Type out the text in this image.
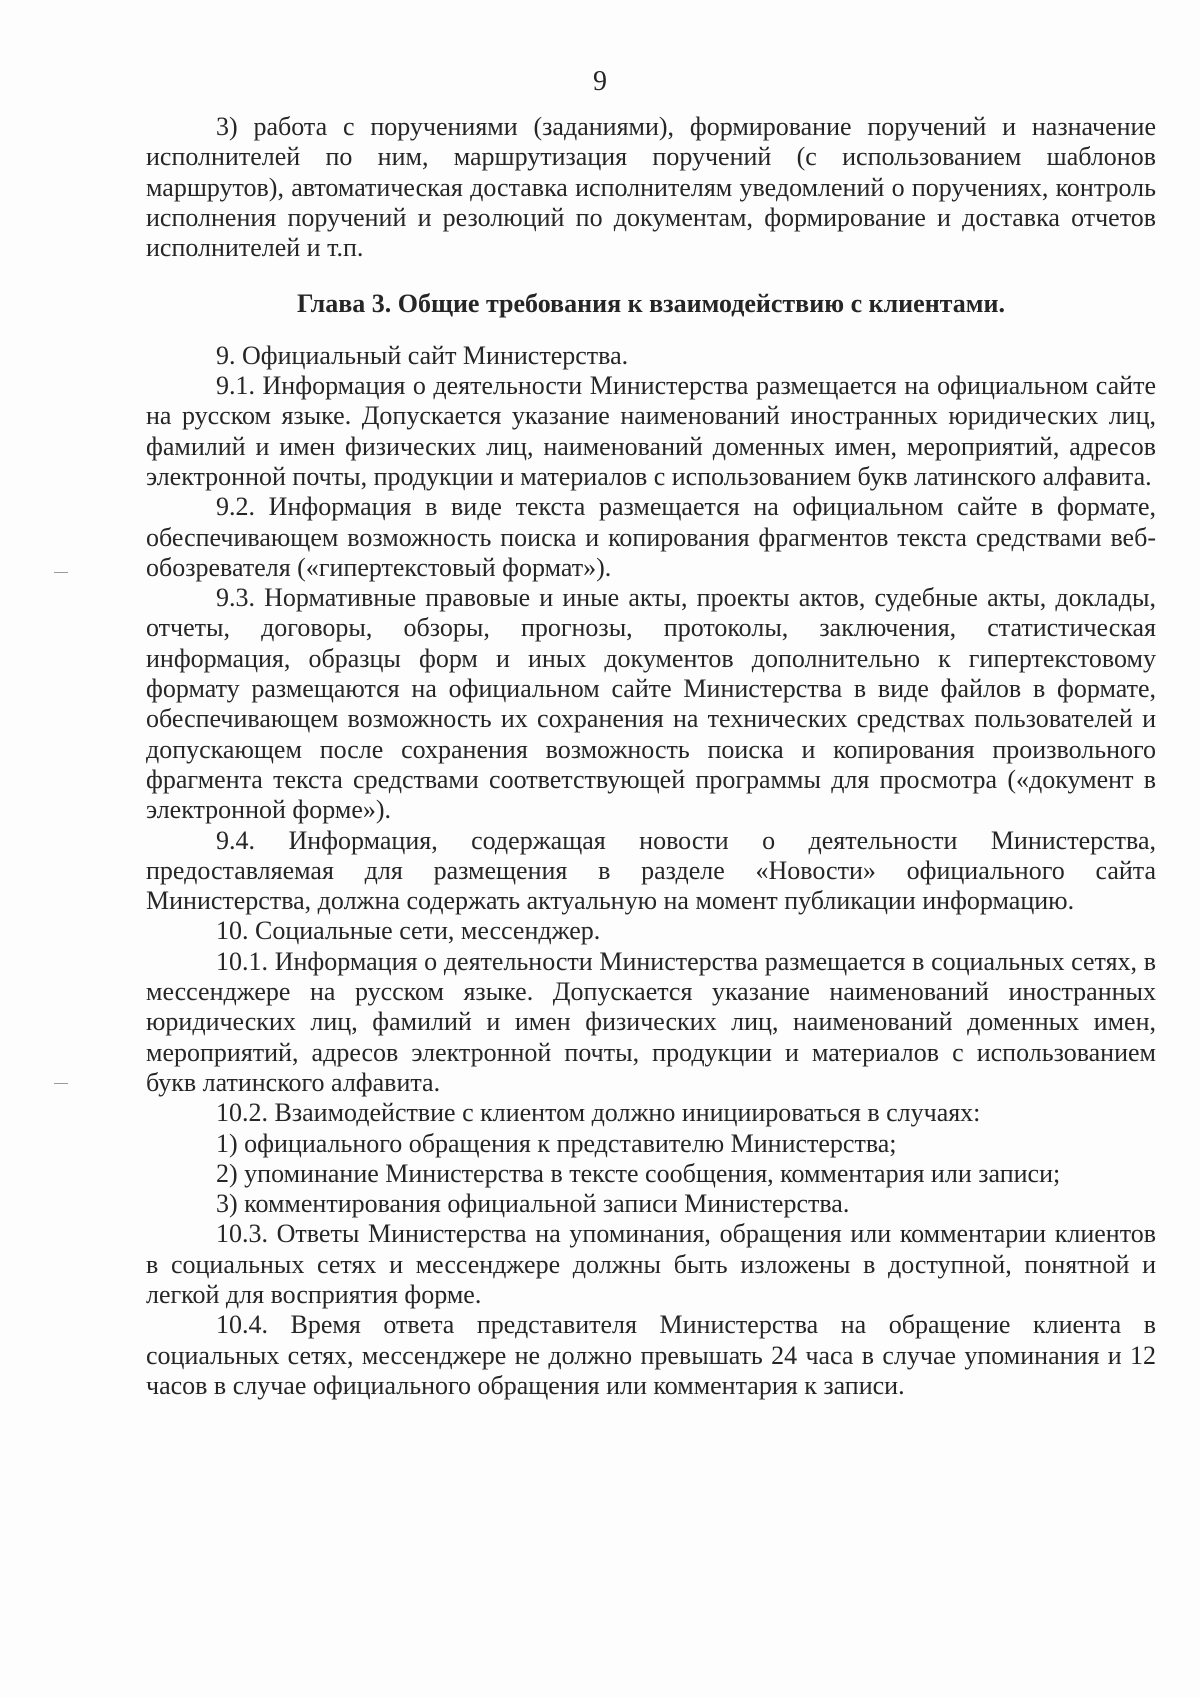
9

3) работа с поручениями (заданиями), формирование поручений и назначение исполнителей по ним, маршрутизация поручений (с использованием шаблонов маршрутов), автоматическая доставка исполнителям уведомлений о поручениях, контроль исполнения поручений и резолюций по документам, формирование и доставка отчетов исполнителей и т.п.

Глава 3. Общие требования к взаимодействию с клиентами.

9. Официальный сайт Министерства.

9.1. Информация о деятельности Министерства размещается на официальном сайте на русском языке. Допускается указание наименований иностранных юридических лиц, фамилий и имен физических лиц, наименований доменных имен, мероприятий, адресов электронной почты, продукции и материалов с использованием букв латинского алфавита.

9.2. Информация в виде текста размещается на официальном сайте в формате, обеспечивающем возможность поиска и копирования фрагментов текста средствами веб-обозревателя («гипертекстовый формат»).

9.3. Нормативные правовые и иные акты, проекты актов, судебные акты, доклады, отчеты, договоры, обзоры, прогнозы, протоколы, заключения, статистическая информация, образцы форм и иных документов дополнительно к гипертекстовому формату размещаются на официальном сайте Министерства в виде файлов в формате, обеспечивающем возможность их сохранения на технических средствах пользователей и допускающем после сохранения возможность поиска и копирования произвольного фрагмента текста средствами соответствующей программы для просмотра («документ в электронной форме»).

9.4. Информация, содержащая новости о деятельности Министерства, предоставляемая для размещения в разделе «Новости» официального сайта Министерства, должна содержать актуальную на момент публикации информацию.

10. Социальные сети, мессенджер.

10.1. Информация о деятельности Министерства размещается в социальных сетях, в мессенджере на русском языке. Допускается указание наименований иностранных юридических лиц, фамилий и имен физических лиц, наименований доменных имен, мероприятий, адресов электронной почты, продукции и материалов с использованием букв латинского алфавита.

10.2. Взаимодействие с клиентом должно инициироваться в случаях:

1) официального обращения к представителю Министерства;

2) упоминание Министерства в тексте сообщения, комментария или записи;

3) комментирования официальной записи Министерства.

10.3. Ответы Министерства на упоминания, обращения или комментарии клиентов в социальных сетях и мессенджере должны быть изложены в доступной, понятной и легкой для восприятия форме.

10.4. Время ответа представителя Министерства на обращение клиента в социальных сетях, мессенджере не должно превышать 24 часа в случае упоминания и 12 часов в случае официального обращения или комментария к записи.
